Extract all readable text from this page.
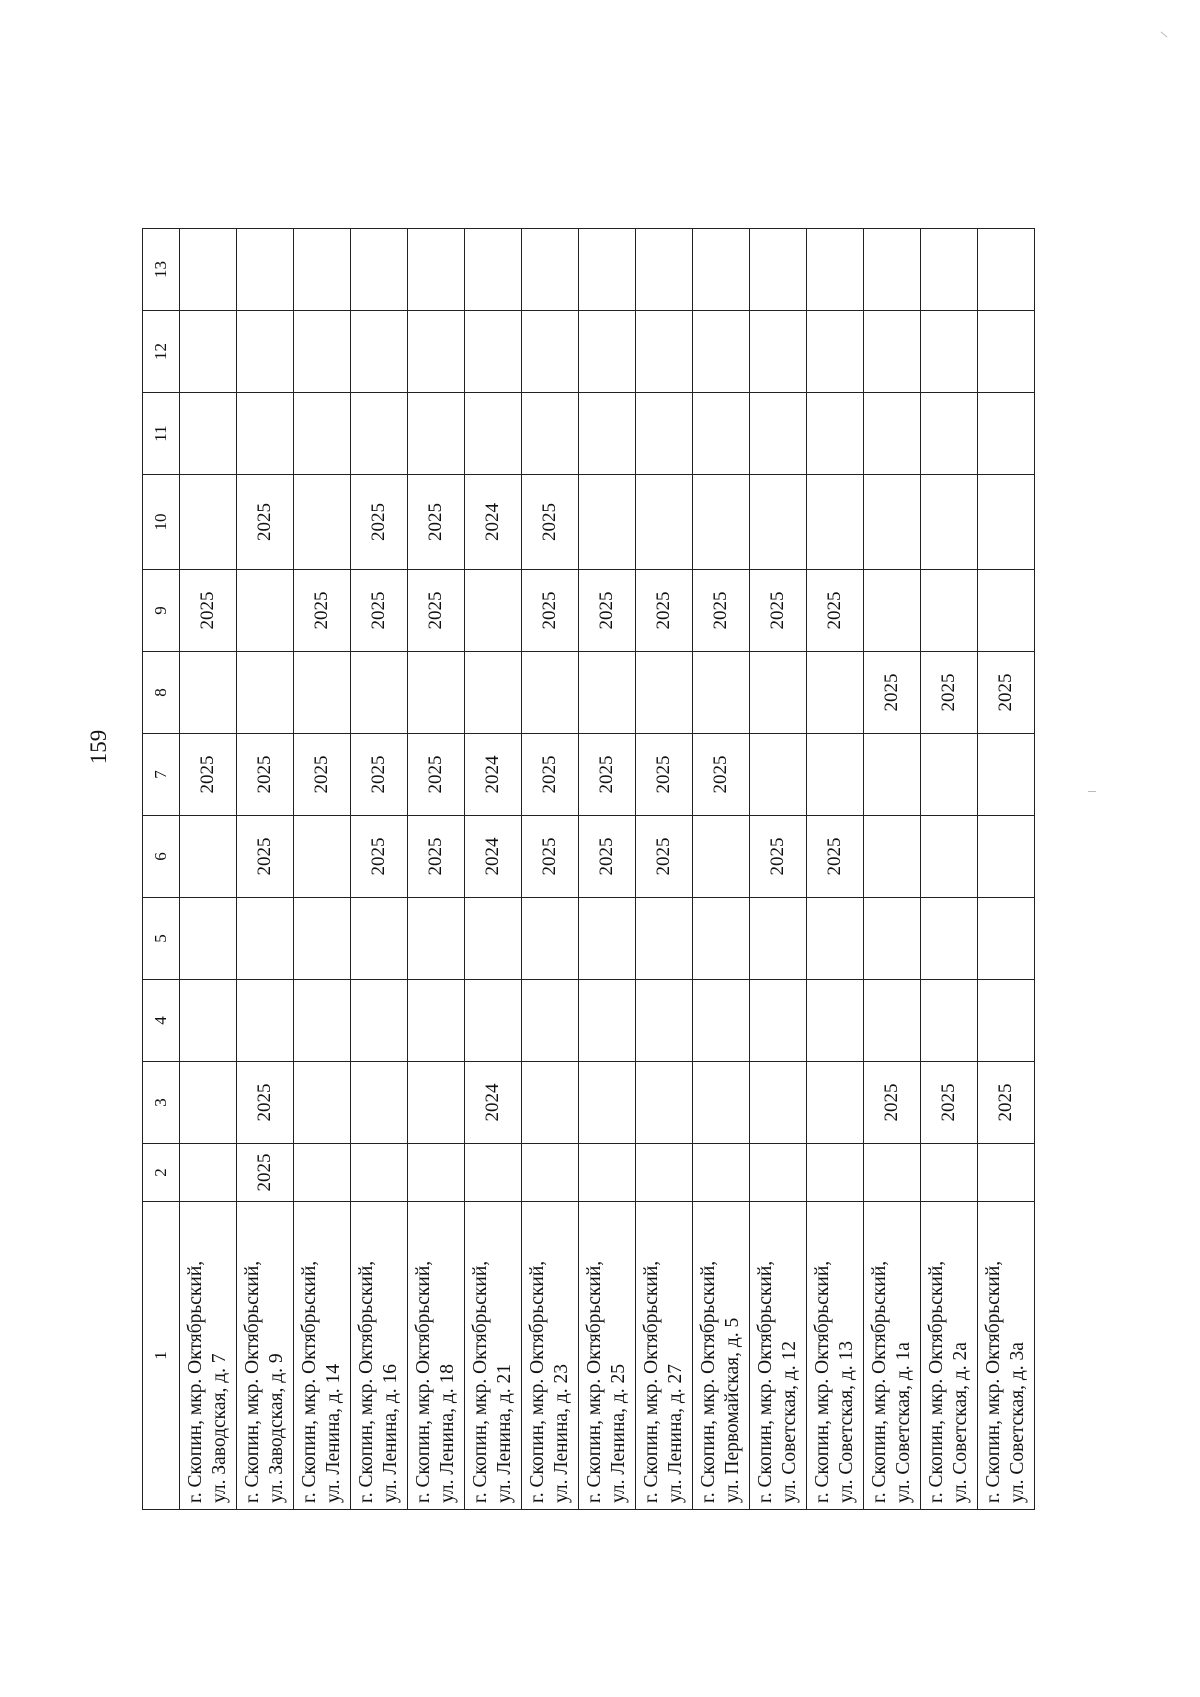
159
1	2	3	4	5	6	7	8	9	10	11	12	13

г. Скопин, мкр. Октябрьский, ул. Заводская, д. 7						2025		2025				

г. Скопин, мкр. Октябрьский, ул. Заводская, д. 9	2025	2025			2025	2025			2025			

г. Скопин, мкр. Октябрьский, ул. Ленина, д. 14						2025		2025				

г. Скопин, мкр. Октябрьский, ул. Ленина, д. 16					2025	2025		2025	2025			

г. Скопин, мкр. Октябрьский, ул. Ленина, д. 18					2025	2025		2025	2025			

г. Скопин, мкр. Октябрьский, ул. Ленина, д. 21		2024			2024	2024			2024			

г. Скопин, мкр. Октябрьский, ул. Ленина, д. 23					2025	2025		2025	2025			

г. Скопин, мкр. Октябрьский, ул. Ленина, д. 25					2025	2025		2025				

г. Скопин, мкр. Октябрьский, ул. Ленина, д. 27					2025	2025		2025				

г. Скопин, мкр. Октябрьский, ул. Первомайская, д. 5						2025		2025				

г. Скопин, мкр. Октябрьский, ул. Советская, д. 12					2025			2025				

г. Скопин, мкр. Октябрьский, ул. Советская, д. 13					2025			2025				

г. Скопин, мкр. Октябрьский, ул. Советская, д. 1а		2025					2025					

г. Скопин, мкр. Октябрьский, ул. Советская, д. 2а		2025					2025					

г. Скопин, мкр. Октябрьский, ул. Советская, д. 3а		2025					2025					
